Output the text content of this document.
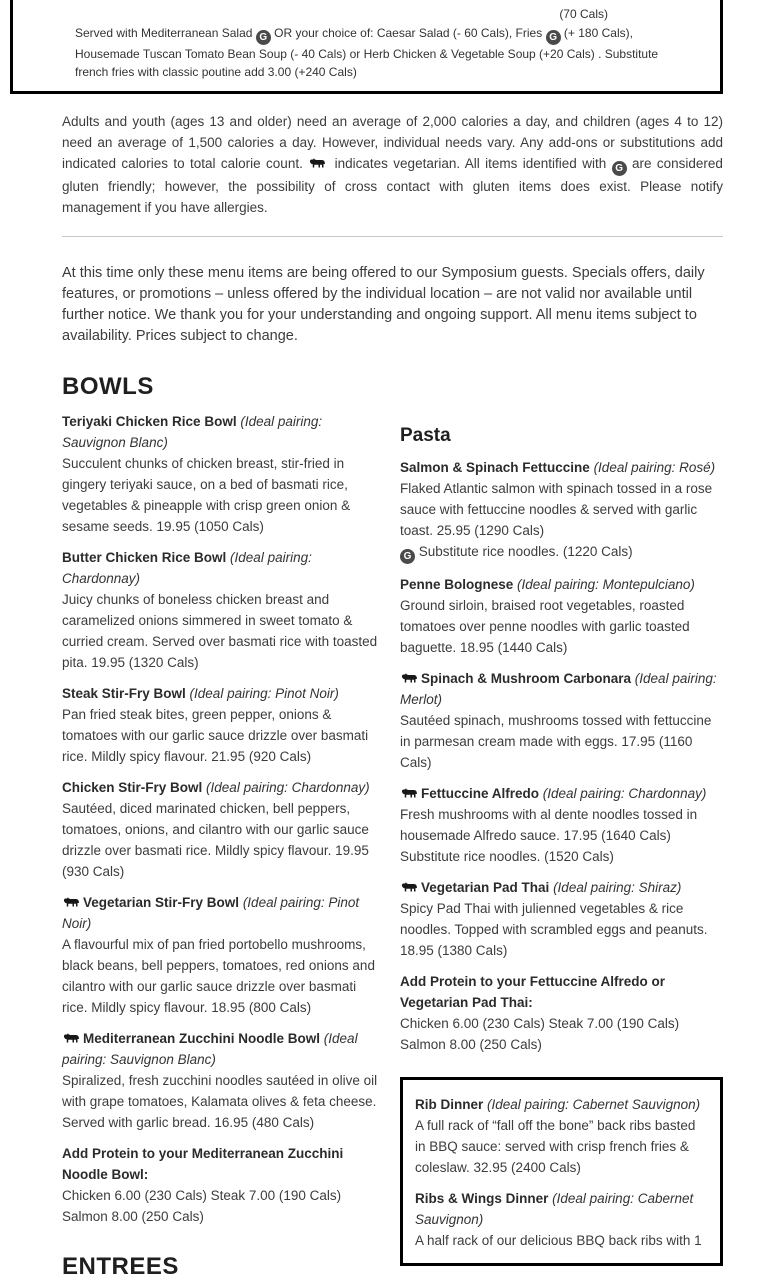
(70 Cals)

Served with Mediterranean Salad G OR your choice of: Caesar Salad (- 60 Cals), Fries G (+ 180 Cals), Housemade Tuscan Tomato Bean Soup (- 40 Cals) or Herb Chicken & Vegetable Soup (+20 Cals) . Substitute french fries with classic poutine add 3.00 (+240 Cals)

Adults and youth (ages 13 and older) need an average of 2,000 calories a day, and children (ages 4 to 12) need an average of 1,500 calories a day. However, individual needs vary. Any add-ons or substitutions add indicated calories to total calorie count. indicates vegetarian. All items identified with G are considered gluten friendly; however, the possibility of cross contact with gluten items does exist. Please notify management if you have allergies.

At this time only these menu items are being offered to our Symposium guests. Specials offers, daily features, or promotions – unless offered by the individual location – are not valid nor available until further notice. We thank you for your understanding and ongoing support. All menu items subject to availability. Prices subject to change.

BOWLS

Teriyaki Chicken Rice Bowl (Ideal pairing: Sauvignon Blanc)

Succulent chunks of chicken breast, stir-fried in gingery teriyaki sauce, on a bed of basmati rice, vegetables & pineapple with crisp green onion & sesame seeds. 19.95 (1050 Cals)

Butter Chicken Rice Bowl (Ideal pairing: Chardonnay)

Juicy chunks of boneless chicken breast and caramelized onions simmered in sweet tomato & curried cream. Served over basmati rice with toasted pita. 19.95 (1320 Cals)

Steak Stir-Fry Bowl (Ideal pairing: Pinot Noir)

Pan fried steak bites, green pepper, onions & tomatoes with our garlic sauce drizzle over basmati rice. Mildly spicy flavour. 21.95 (920 Cals)

Chicken Stir-Fry Bowl (Ideal pairing: Chardonnay)

Sautéed, diced marinated chicken, bell peppers, tomatoes, onions, and cilantro with our garlic sauce drizzle over basmati rice. Mildly spicy flavour. 19.95 (930 Cals)

Vegetarian Stir-Fry Bowl (Ideal pairing: Pinot Noir)

A flavourful mix of pan fried portobello mushrooms, black beans, bell peppers, tomatoes, red onions and cilantro with our garlic sauce drizzle over basmati rice. Mildly spicy flavour. 18.95 (800 Cals)

Mediterranean Zucchini Noodle Bowl (Ideal pairing: Sauvignon Blanc)

Spiralized, fresh zucchini noodles sautéed in olive oil with grape tomatoes, Kalamata olives & feta cheese. Served with garlic bread. 16.95 (480 Cals)

Add Protein to your Mediterranean Zucchini Noodle Bowl:

Chicken 6.00 (230 Cals) Steak 7.00 (190 Cals) Salmon 8.00 (250 Cals)

ENTREES
Pasta

Salmon & Spinach Fettuccine (Ideal pairing: Rosé)

Flaked Atlantic salmon with spinach tossed in a rose sauce with fettuccine noodles & served with garlic toast. 25.95 (1290 Cals)

G Substitute rice noodles. (1220 Cals)

Penne Bolognese (Ideal pairing: Montepulciano)

Ground sirloin, braised root vegetables, roasted tomatoes over penne noodles with garlic toasted baguette. 18.95 (1440 Cals)

Spinach & Mushroom Carbonara (Ideal pairing: Merlot)

Sautéed spinach, mushrooms tossed with fettuccine in parmesan cream made with eggs. 17.95 (1160 Cals)

Fettuccine Alfredo (Ideal pairing: Chardonnay)

Fresh mushrooms with al dente noodles tossed in housemade Alfredo sauce. 17.95 (1640 Cals) Substitute rice noodles. (1520 Cals)

Vegetarian Pad Thai (Ideal pairing: Shiraz)

Spicy Pad Thai with julienned vegetables & rice noodles. Topped with scrambled eggs and peanuts. 18.95 (1380 Cals)

Add Protein to your Fettuccine Alfredo or Vegetarian Pad Thai:

Chicken 6.00 (230 Cals) Steak 7.00 (190 Cals) Salmon 8.00 (250 Cals)

Rib Dinner (Ideal pairing: Cabernet Sauvignon)

A full rack of “fall off the bone” back ribs basted in BBQ sauce: served with crisp french fries & coleslaw. 32.95 (2400 Cals)

Ribs & Wings Dinner (Ideal pairing: Cabernet Sauvignon)

A half rack of our delicious BBQ back ribs with 1
